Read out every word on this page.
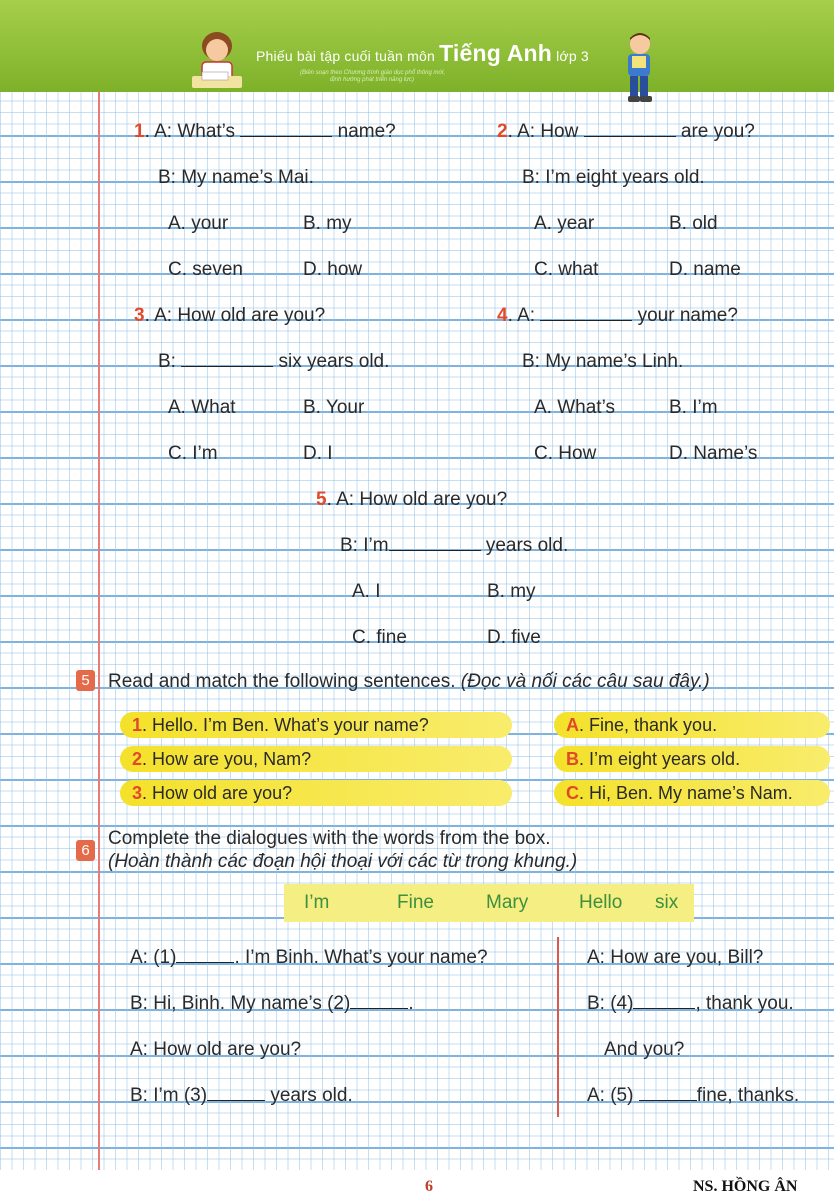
Phiếu bài tập cuối tuần môn Tiếng Anh lớp 3
(Biên soạn theo Chương trình giáo dục phổ thông mới,
định hướng phát triển năng lực)
1. A: What’s	name?
B: My name’s Mai.
A. your	B. my
C. seven	D. how
2. A: How	are you?
B: I’m eight years old.
A. year	B. old
C. what	D. name
3. A: How old are you?
B:	six years old.
A. What	B. Your
C. I’m	D. I
4. A:	your name?
B: My name’s Linh.
A. What’s	B. I’m
C. How	D. Name’s
5. A: How old are you?
B: I’m	years old.
A. I	B. my
C. fine	D. five
5 Read and match the following sentences. (Đọc và nối các câu sau đây.)
1. Hello. I’m Ben. What’s your name?
2. How are you, Nam?
3. How old are you?
A. Fine, thank you.
B. I’m eight years old.
C. Hi, Ben. My name’s Nam.
6
Complete the dialogues with the words from the box.
(Hoàn thành các đoạn hội thoại với các từ trong khung.)
I’m	Fine	Mary	Hello six
A: (1)	. I’m Binh. What’s your name?
B: Hi, Binh. My name’s (2)	.
A: How old are you?
B: I’m (3)	years old.
A: How are you, Bill?
B: (4)	, thank you.
And you?
A: (5)	fine, thanks.
6	NS. HỒNG ÂN
